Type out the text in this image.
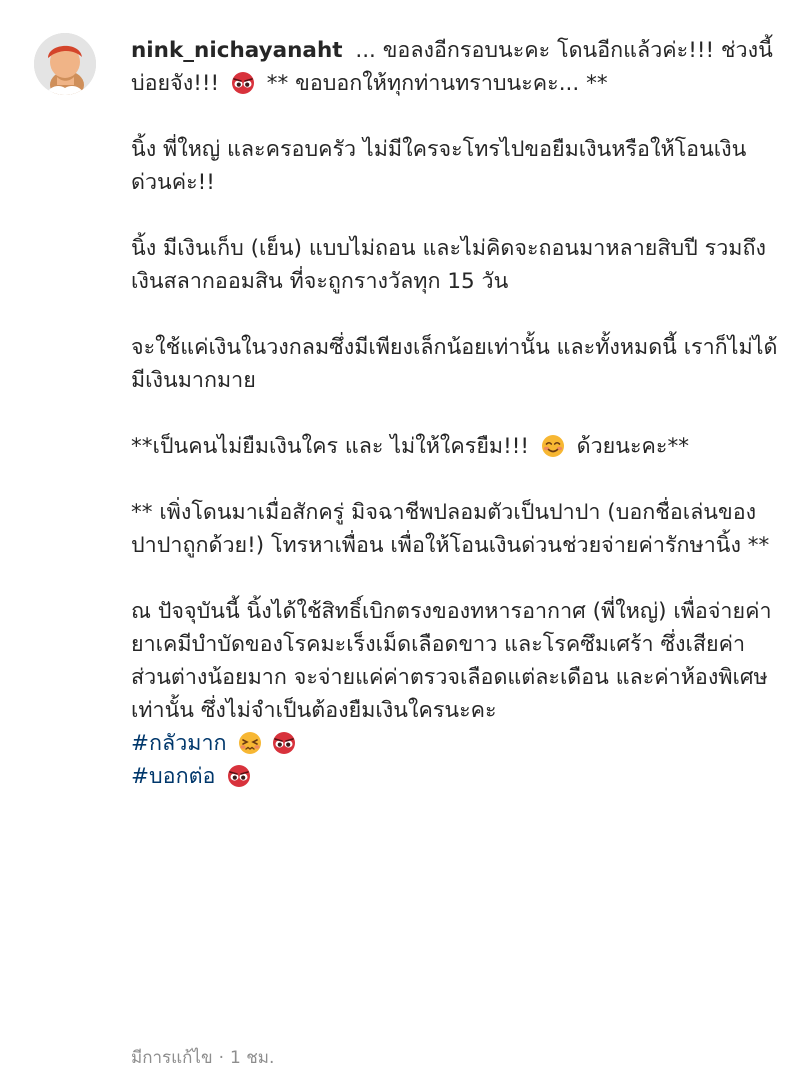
nink_nichayanaht ... ขอลงอีกรอบนะคะ โดนอีกแล้วค่ะ!!! ช่วงนี้บ่อยจัง!!!
** ขอบอกให้ทุกท่านทราบนะคะ... **

นิ้ง พี่ใหญ่ และครอบครัว ไม่มีใครจะโทรไปขอยืมเงินหรือให้โอนเงินด่วนค่ะ!!

นิ้ง มีเงินเก็บ (เย็น) แบบไม่ถอน และไม่คิดจะถอนมาหลายสิบปี รวมถึงเงินสลากออมสิน ที่จะถูกรางวัลทุก 15 วัน

จะใช้แค่เงินในวงกลมซึ่งมีเพียงเล็กน้อยเท่านั้น และทั้งหมดนี้ เราก็ไม่ได้มีเงินมากมาย

**เป็นคนไม่ยืมเงินใคร และ ไม่ให้ใครยืม!!!
ด้วยนะคะ**

** เพิ่งโดนมาเมื่อสักครู่ มิจฉาชีพปลอมตัวเป็นปาปา (บอกชื่อเล่นของปาปาถูกด้วย!) โทรหาเพื่อน เพื่อให้โอนเงินด่วนช่วยจ่ายค่ารักษานิ้ง **

ณ ปัจจุบันนี้ นิ้งได้ใช้สิทธิ์เบิกตรงของทหารอากาศ (พี่ใหญ่) เพื่อจ่ายค่ายาเคมีบำบัดของโรคมะเร็งเม็ดเลือดขาว และโรคซึมเศร้า ซึ่งเสียค่าส่วนต่างน้อยมาก จะจ่ายแค่ค่าตรวจเลือดแต่ละเดือน และค่าห้องพิเศษเท่านั้น ซึ่งไม่จำเป็นต้องยืมเงินใครนะคะ

#กลัวมาก

#บอกต่อ

มีการแก้ไข · 1 ชม.
